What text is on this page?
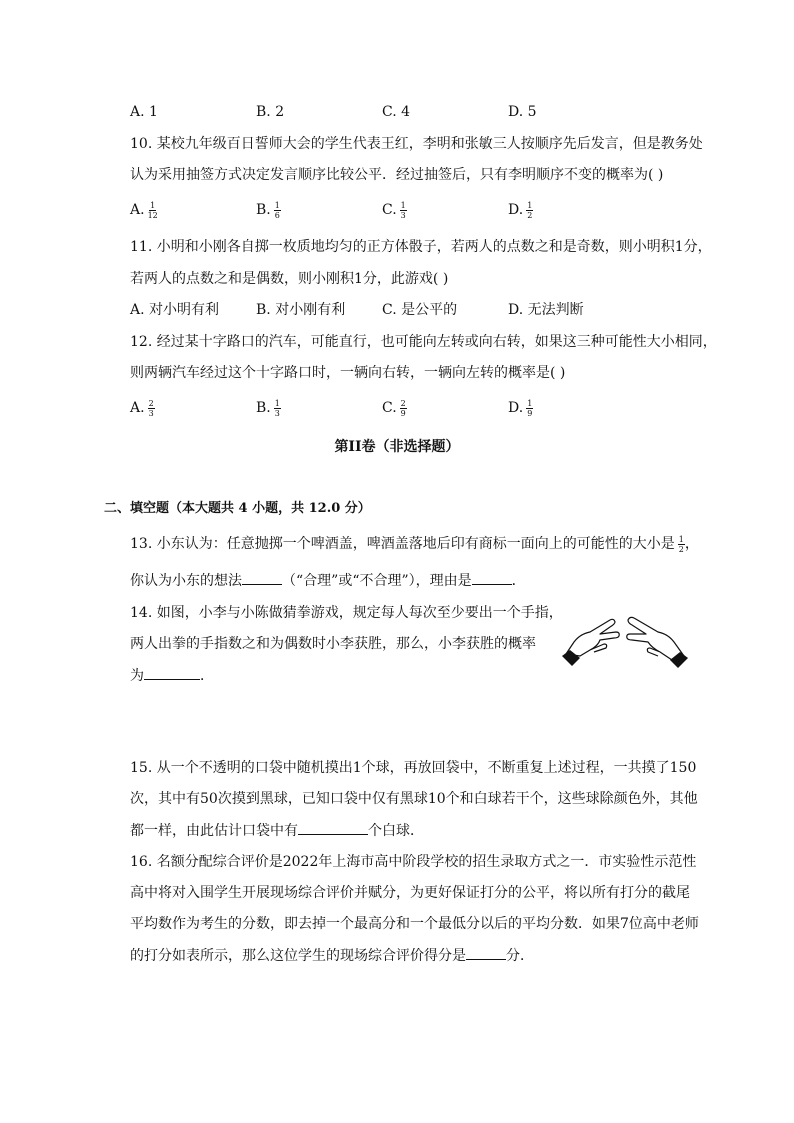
A. 1	B. 2	C. 4	D. 5
10. 某校九年级百日誓师大会的学生代表王红，李明和张敏三人按顺序先后发言，但是教务处
认为采用抽签方式决定发言顺序比较公平．经过抽签后，只有李明顺序不变的概率为( )
A. $\frac{1}{12}$	B. $\frac{1}{6}$	C. $\frac{1}{3}$	D. $\frac{1}{2}$
11. 小明和小刚各自掷一枚质地均匀的正方体骰子，若两人的点数之和是奇数，则小明积1分，
若两人的点数之和是偶数，则小刚积1分，此游戏( )
A. 对小明有利	B. 对小刚有利	C. 是公平的	D. 无法判断
12. 经过某十字路口的汽车，可能直行，也可能向左转或向右转，如果这三种可能性大小相同，
则两辆汽车经过这个十字路口时，一辆向右转，一辆向左转的概率是( )
A. $\frac{2}{3}$	B. $\frac{1}{3}$	C. $\frac{2}{9}$	D. $\frac{1}{9}$
第II卷（非选择题）
二、填空题（本大题共 4 小题，共 12.0 分）
13. 小东认为：任意抛掷一个啤酒盖，啤酒盖落地后印有商标一面向上的可能性的大小是 $\frac{1}{2}$ ，
你认为小东的想法	（“合理”或“不合理”），理由是	．
14. 如图，小李与小陈做猜拳游戏，规定每人每次至少要出一个手指，
两人出拳的手指数之和为偶数时小李获胜，那么，小李获胜的概率
为	．
15. 从一个不透明的口袋中随机摸出1个球，再放回袋中，不断重复上述过程，一共摸了150
次，其中有50次摸到黑球，已知口袋中仅有黑球10个和白球若干个，这些球除颜色外，其他
都一样，由此估计口袋中有	个白球．
16. 名额分配综合评价是2022年上海市高中阶段学校的招生录取方式之一．市实验性示范性
高中将对入围学生开展现场综合评价并赋分，为更好保证打分的公平，将以所有打分的截尾
平均数作为考生的分数，即去掉一个最高分和一个最低分以后的平均分数．如果7位高中老师
的打分如表所示，那么这位学生的现场综合评价得分是	分．
